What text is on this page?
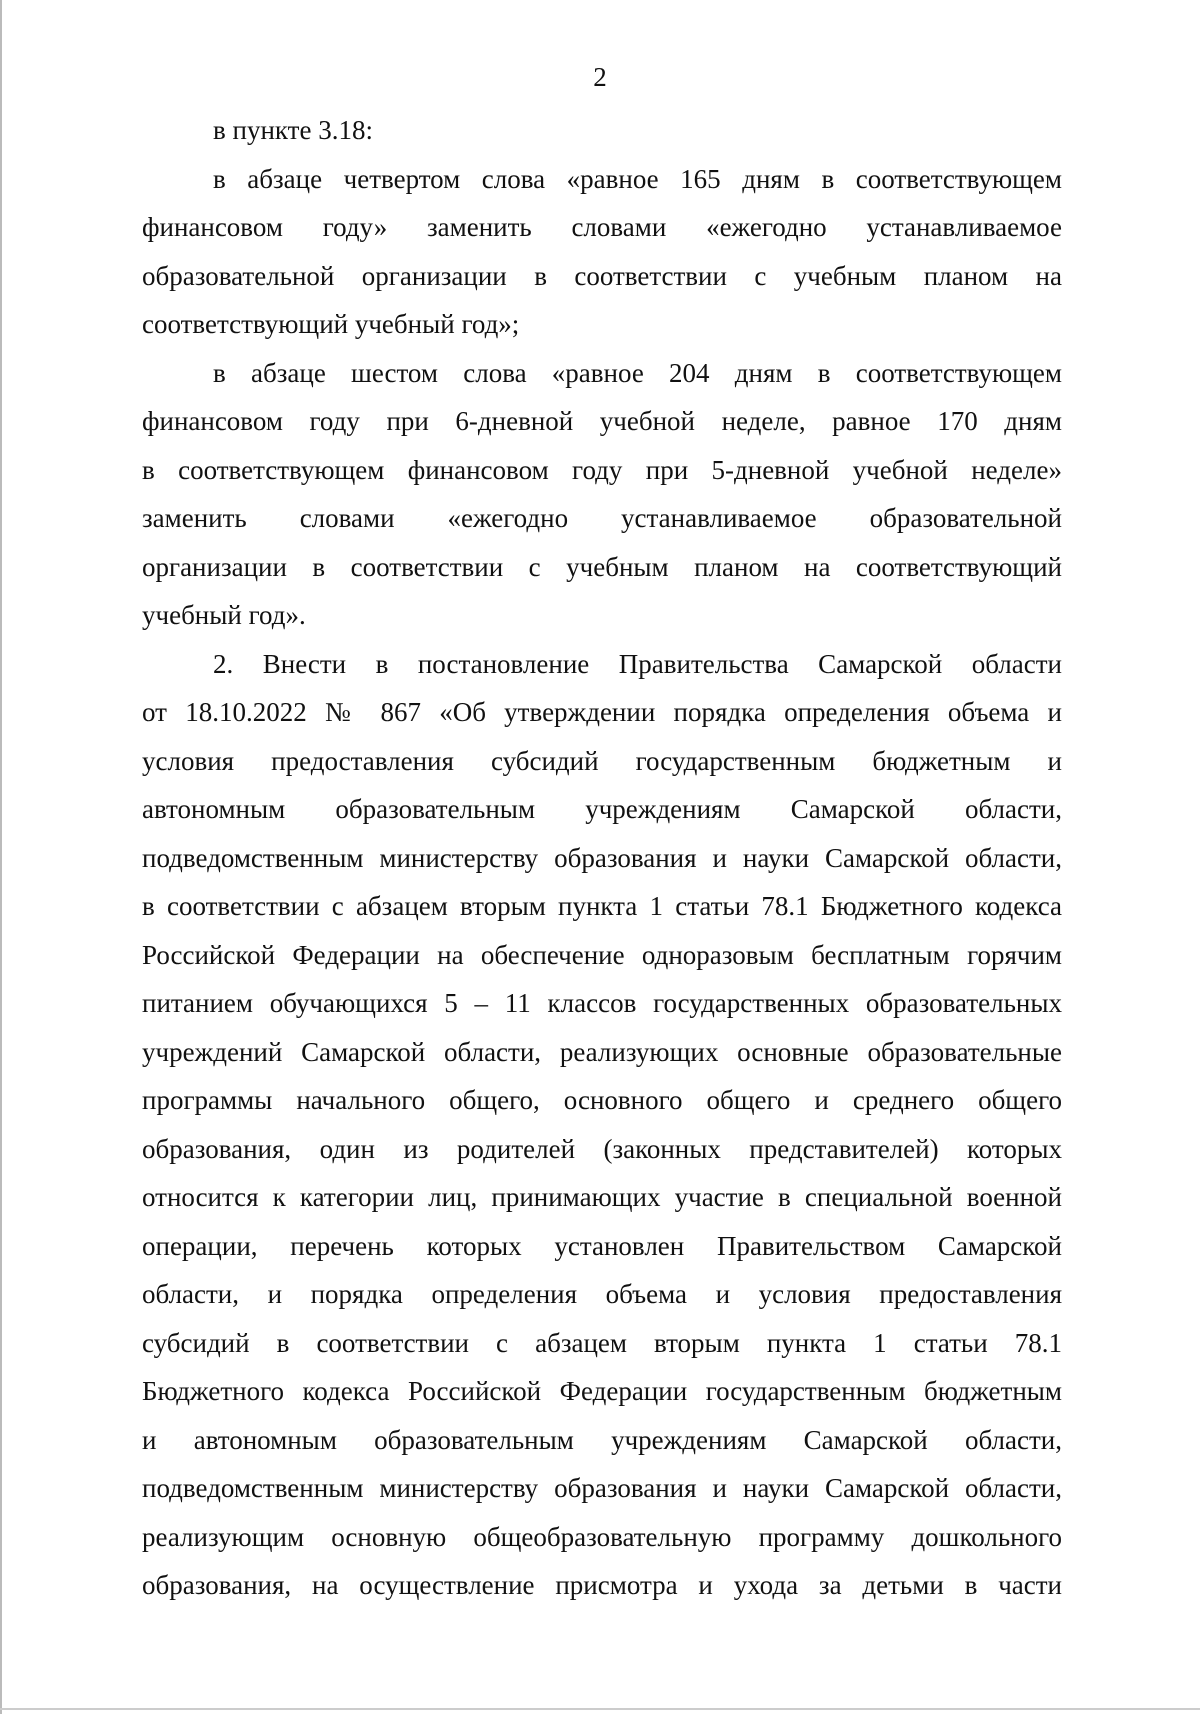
2
в пункте 3.18:
в абзаце четвертом слова «равное 165 дням в соответствующем
финансовом году» заменить словами «ежегодно устанавливаемое
образовательной организации в соответствии с учебным планом на
соответствующий учебный год»;
в абзаце шестом слова «равное 204 дням в соответствующем
финансовом году при 6-дневной учебной неделе, равное 170 дням
в соответствующем финансовом году при 5-дневной учебной неделе»
заменить словами «ежегодно устанавливаемое образовательной
организации в соответствии с учебным планом на соответствующий
учебный год».
2. Внести в постановление Правительства Самарской области
от 18.10.2022 № 867 «Об утверждении порядка определения объема и
условия предоставления субсидий государственным бюджетным и
автономным образовательным учреждениям Самарской области,
подведомственным министерству образования и науки Самарской области,
в соответствии с абзацем вторым пункта 1 статьи 78.1 Бюджетного кодекса
Российской Федерации на обеспечение одноразовым бесплатным горячим
питанием обучающихся 5 – 11 классов государственных образовательных
учреждений Самарской области, реализующих основные образовательные
программы начального общего, основного общего и среднего общего
образования, один из родителей (законных представителей) которых
относится к категории лиц, принимающих участие в специальной военной
операции, перечень которых установлен Правительством Самарской
области, и порядка определения объема и условия предоставления
субсидий в соответствии с абзацем вторым пункта 1 статьи 78.1
Бюджетного кодекса Российской Федерации государственным бюджетным
и автономным образовательным учреждениям Самарской области,
подведомственным министерству образования и науки Самарской области,
реализующим основную общеобразовательную программу дошкольного
образования, на осуществление присмотра и ухода за детьми в части
